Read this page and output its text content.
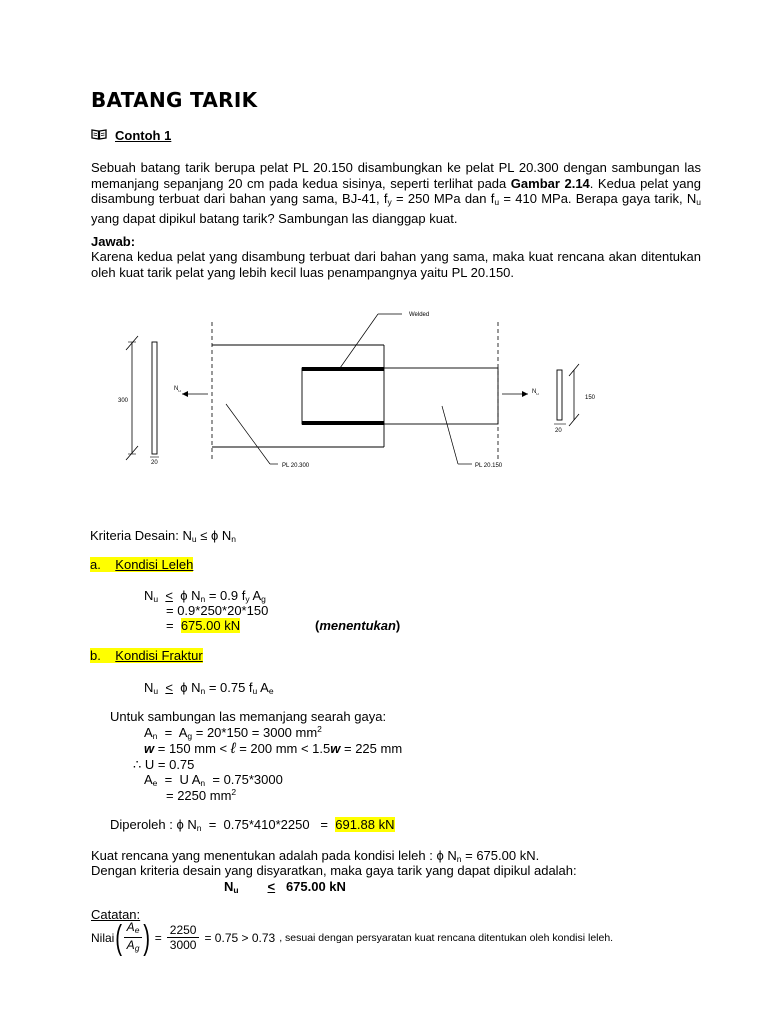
BATANG TARIK
Contoh 1
Sebuah batang tarik berupa pelat PL 20.150 disambungkan ke pelat PL 20.300 dengan sambungan las memanjang sepanjang 20 cm pada kedua sisinya, seperti terlihat pada Gambar 2.14. Kedua pelat yang disambung terbuat dari bahan yang sama, BJ-41, $f_y = 250$ MPa dan $f_u = 410$ MPa. Berapa gaya tarik, $N_u$ yang dapat dipikul batang tarik? Sambungan las dianggap kuat.
Jawab:
Karena kedua pelat yang disambung terbuat dari bahan yang sama, maka kuat rencana akan ditentukan oleh kuat tarik pelat yang lebih kecil luas penampangnya yaitu PL 20.150.
300
20
$N_u$	$N_u$
150
20
Welded
PL 20.300	PL 20.150
Kriteria Desain: $N_u \le \phi$ $N_n$
a. Kondisi Leleh
$N_u < \phi$ $N_n = 0.9$ $f_y$ $A_g$
= 0.9*250*20*150
= 675.00 kN	(menentukan)
b. Kondisi Fraktur
$N_u < \phi$ $N_n = 0.75$ $f_u$ $A_e$
Untuk sambungan las memanjang searah gaya:
$A_n = A_g = 20*150 = 3000$ $mm^2$
w = 150 mm < ℓ = 200 mm < 1.5w = 225 mm
∴ U = 0.75
$A_e = U$ $A_n = 0.75*3000$
= 2250 $mm^2$
Diperoleh : ϕ $N_n = 0.75*410*2250 = 691.88$ kN
Kuat rencana yang menentukan adalah pada kondisi leleh : ϕ $N_n = 675.00$ kN.
Dengan kriteria desain yang disyaratkan, maka gaya tarik yang dapat dipikul adalah:
$N_u < 675.00$ kN
Catatan:
Nilai ( $\frac{A_e}{A_g}$ ) = $\frac{2250}{3000} = 0.75 > 0.73$ , sesuai dengan persyaratan kuat rencana ditentukan oleh kondisi leleh.
